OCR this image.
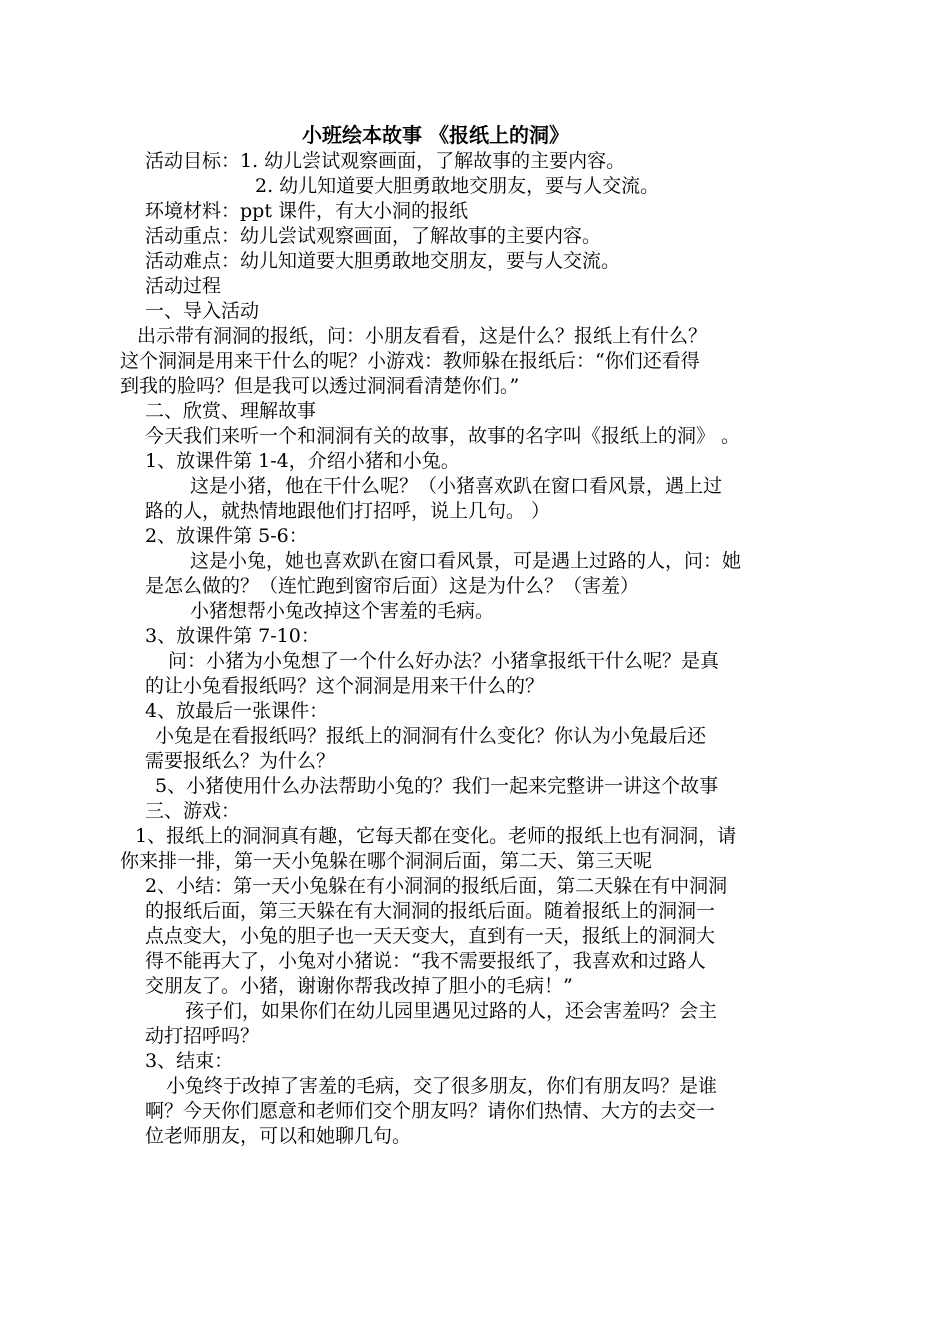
小班绘本故事 《报纸上的洞》
活动目标：1. 幼儿尝试观察画面，了解故事的主要内容。
2. 幼儿知道要大胆勇敢地交朋友，要与人交流。
环境材料：ppt 课件，有大小洞的报纸
活动重点：幼儿尝试观察画面，了解故事的主要内容。
活动难点：幼儿知道要大胆勇敢地交朋友，要与人交流。
活动过程
一、导入活动
出示带有洞洞的报纸，问：小朋友看看，这是什么？报纸上有什么？
这个洞洞是用来干什么的呢？小游戏：教师躲在报纸后：“你们还看得
到我的脸吗？但是我可以透过洞洞看清楚你们。”
二、欣赏、理解故事
今天我们来听一个和洞洞有关的故事，故事的名字叫《报纸上的洞》 。
1、放课件第 1-4，介绍小猪和小兔。
这是小猪，他在干什么呢？（小猪喜欢趴在窗口看风景，遇上过
路的人，就热情地跟他们打招呼，说上几句。 ）
2、放课件第 5-6：
这是小兔，她也喜欢趴在窗口看风景，可是遇上过路的人，问：她
是怎么做的？（连忙跑到窗帘后面）这是为什么？（害羞）
小猪想帮小兔改掉这个害羞的毛病。
3、放课件第 7-10：
问：小猪为小兔想了一个什么好办法？小猪拿报纸干什么呢？是真
的让小兔看报纸吗？这个洞洞是用来干什么的？
4、放最后一张课件：
小兔是在看报纸吗？报纸上的洞洞有什么变化？你认为小兔最后还
需要报纸么？为什么？
5、小猪使用什么办法帮助小兔的？我们一起来完整讲一讲这个故事
三、游戏：
1、报纸上的洞洞真有趣，它每天都在变化。老师的报纸上也有洞洞，请
你来排一排，第一天小兔躲在哪个洞洞后面，第二天、第三天呢
2、小结：第一天小兔躲在有小洞洞的报纸后面，第二天躲在有中洞洞
的报纸后面，第三天躲在有大洞洞的报纸后面。随着报纸上的洞洞一
点点变大，小兔的胆子也一天天变大，直到有一天，报纸上的洞洞大
得不能再大了，小兔对小猪说：“我不需要报纸了，我喜欢和过路人
交朋友了。小猪，谢谢你帮我改掉了胆小的毛病！”
孩子们，如果你们在幼儿园里遇见过路的人，还会害羞吗？会主
动打招呼吗？
3、结束：
小兔终于改掉了害羞的毛病，交了很多朋友，你们有朋友吗？是谁
啊？今天你们愿意和老师们交个朋友吗？请你们热情、大方的去交一
位老师朋友，可以和她聊几句。
